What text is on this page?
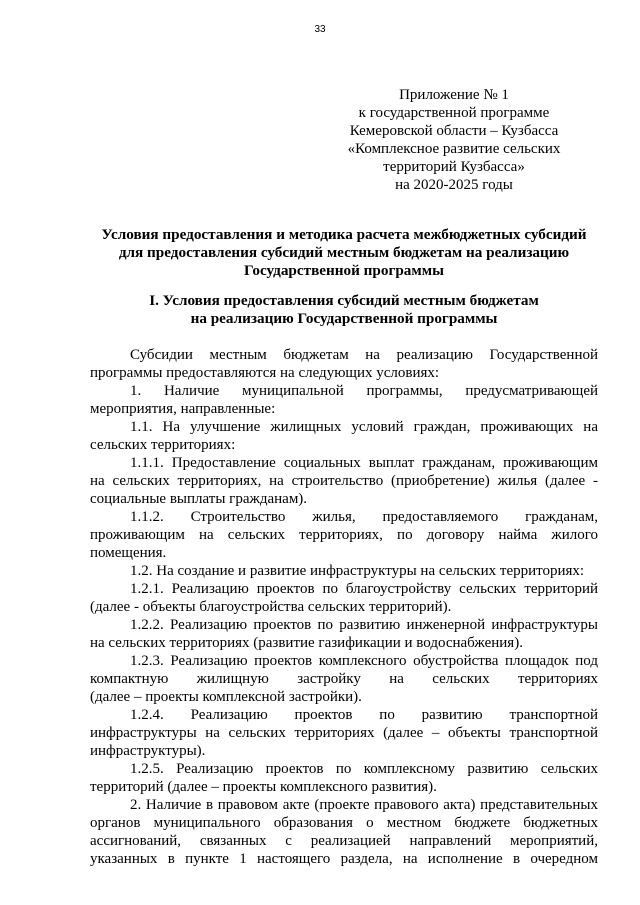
33
Приложение № 1
к государственной программе
Кемеровской области – Кузбасса
«Комплексное развитие сельских
территорий Кузбасса»
на 2020-2025 годы
Условия предоставления и методика расчета межбюджетных субсидий
для предоставления субсидий местным бюджетам на реализацию
Государственной программы
I. Условия предоставления субсидий местным бюджетам
на реализацию Государственной программы
Субсидии местным бюджетам на реализацию Государственной
программы предоставляются на следующих условиях:
1. Наличие муниципальной программы, предусматривающей
мероприятия, направленные:
1.1. На улучшение жилищных условий граждан, проживающих на
сельских территориях:
1.1.1. Предоставление социальных выплат гражданам, проживающим
на сельских территориях, на строительство (приобретение) жилья (далее -
социальные выплаты гражданам).
1.1.2. Строительство жилья, предоставляемого гражданам,
проживающим на сельских территориях, по договору найма жилого
помещения.
1.2. На создание и развитие инфраструктуры на сельских территориях:
1.2.1. Реализацию проектов по благоустройству сельских территорий
(далее - объекты благоустройства сельских территорий).
1.2.2. Реализацию проектов по развитию инженерной инфраструктуры
на сельских территориях (развитие газификации и водоснабжения).
1.2.3. Реализацию проектов комплексного обустройства площадок под
компактную жилищную застройку на сельских территориях
(далее – проекты комплексной застройки).
1.2.4. Реализацию проектов по развитию транспортной
инфраструктуры на сельских территориях (далее – объекты транспортной
инфраструктуры).
1.2.5. Реализацию проектов по комплексному развитию сельских
территорий (далее – проекты комплексного развития).
2. Наличие в правовом акте (проекте правового акта) представительных
органов муниципального образования о местном бюджете бюджетных
ассигнований, связанных с реализацией направлений мероприятий,
указанных в пункте 1 настоящего раздела, на исполнение в очередном
